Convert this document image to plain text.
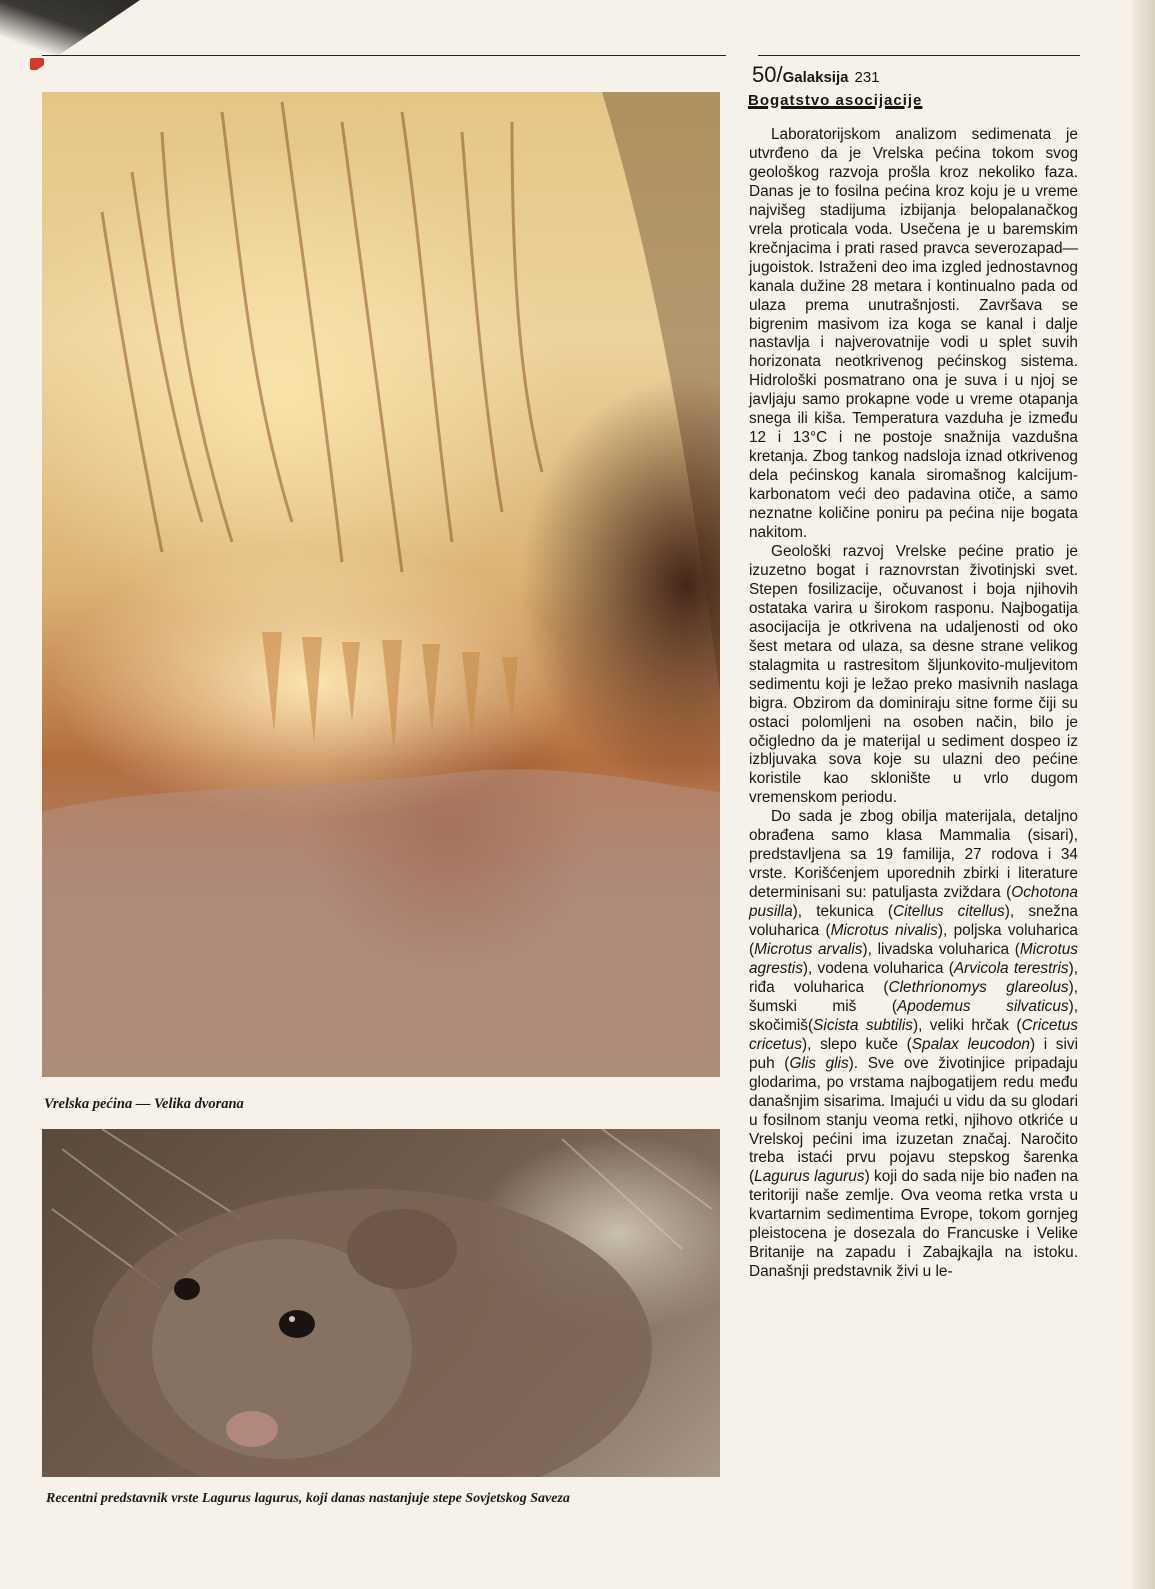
50/Galaksija 231
Bogatstvo asocijacije

Laboratorijskom analizom sedimenata je utvrđeno da je Vrelska pećina tokom svog geološkog razvoja prošla kroz nekoliko faza. Danas je to fosilna pećina kroz koju je u vreme najvišeg stadijuma izbijanja belopalanačkog vrela proticala voda. Usečena je u baremskim krečnjacima i prati rased pravca severozapad—jugoistok. Istraženi deo ima izgled jednostavnog kanala dužine 28 metara i kontinualno pada od ulaza prema unutrašnjosti. Završava se bigrenim masivom iza koga se kanal i dalje nastavlja i najverovatnije vodi u splet suvih horizonata neotkrivenog pećinskog sistema. Hidrološki posmatrano ona je suva i u njoj se javljaju samo prokapne vode u vreme otapanja snega ili kiša. Temperatura vazduha je između 12 i 13°C i ne postoje snažnija vazdušna kretanja. Zbog tankog nadsloja iznad otkrivenog dela pećinskog kanala siromašnog kalcijum-karbonatom veći deo padavina otiče, a samo neznatne količine poniru pa pećina nije bogata nakitom.

Geološki razvoj Vrelske pećine pratio je izuzetno bogat i raznovrstan životinjski svet. Stepen fosilizacije, očuvanost i boja njihovih ostataka varira u širokom rasponu. Najbogatija asocijacija je otkrivena na udaljenosti od oko šest metara od ulaza, sa desne strane velikog stalagmita u rastresitom šljunkovito-muljevitom sedimentu koji je ležao preko masivnih naslaga bigra. Obzirom da dominiraju sitne forme čiji su ostaci polomljeni na osoben način, bilo je očigledno da je materijal u sediment dospeo iz izbljuvaka sova koje su ulazni deo pećine koristile kao sklonište u vrlo dugom vremenskom periodu.

Do sada je zbog obilja materijala, detaljno obrađena samo klasa Mammalia (sisari), predstavljena sa 19 familija, 27 rodova i 34 vrste. Korišćenjem uporednih zbirki i literature determinisani su: patuljasta zviždara (Ochotona pusilla), tekunica (Citellus citellus), snežna voluharica (Microtus nivalis), poljska voluharica (Microtus arvalis), livadska voluharica (Microtus agrestis), vodena voluharica (Arvicola terestris), riđa voluharica (Clethrionomys glareolus), šumski miš (Apodemus silvaticus), skočimiš(Sicista subtilis), veliki hrčak (Cricetus cricetus), slepo kuče (Spalax leucodon) i sivi puh (Glis glis). Sve ove životinjice pripadaju glodarima, po vrstama najbogatijem redu među današnjim sisarima. Imajući u vidu da su glodari u fosilnom stanju veoma retki, njihovo otkriće u Vrelskoj pećini ima izuzetan značaj. Naročito treba istaći prvu pojavu stepskog šarenka (Lagurus lagurus) koji do sada nije bio nađen na teritoriji naše zemlje. Ova veoma retka vrsta u kvartarnim sedimentima Evrope, tokom gornjeg pleistocena je dosezala do Francuske i Velike Britanije na zapadu i Zabajkajla na istoku. Današnji predstavnik živi u le-

Vrelska pećina — Velika dvorana
Recentni predstavnik vrste Lagurus lagurus, koji danas nastanjuje stepe Sovjetskog Saveza
